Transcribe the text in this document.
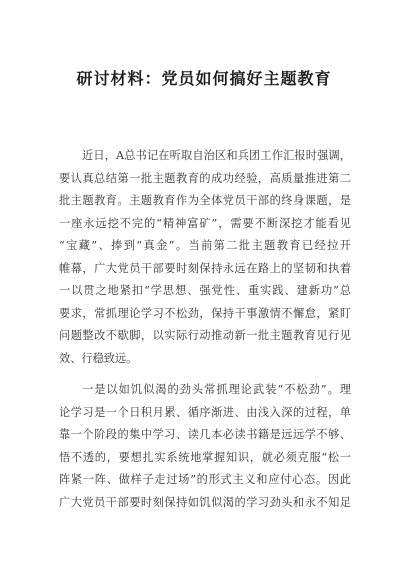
研讨材料：党员如何搞好主题教育

近日，A总书记在听取自治区和兵团工作汇报时强调，
要认真总结第一批主题教育的成功经验，高质量推进第二
批主题教育。主题教育作为全体党员干部的终身课题，是
一座永远挖不完的“精神富矿”，需要不断深挖才能看见
“宝藏”、捧到“真金”。当前第二批主题教育已经拉开
帷幕，广大党员干部要时刻保持永远在路上的坚韧和执着
一以贯之地紧扣“学思想、强党性、重实践、建新功”总
要求，常抓理论学习不松劲，保持干事激情不懈怠，紧盯
问题整改不歇脚，以实际行动推动新一批主题教育见行见
效、行稳致远。

一是以如饥似渴的劲头常抓理论武装“不松劲”。理
论学习是一个日积月累、循序渐进、由浅入深的过程，单
靠一个阶段的集中学习、读几本必读书籍是远远学不够、
悟不透的，要想扎实系统地掌握知识，就必须克服“松一
阵紧一阵、做样子走过场”的形式主义和应付心态。因此
广大党员干部要时刻保持如饥似渴的学习劲头和永不知足
